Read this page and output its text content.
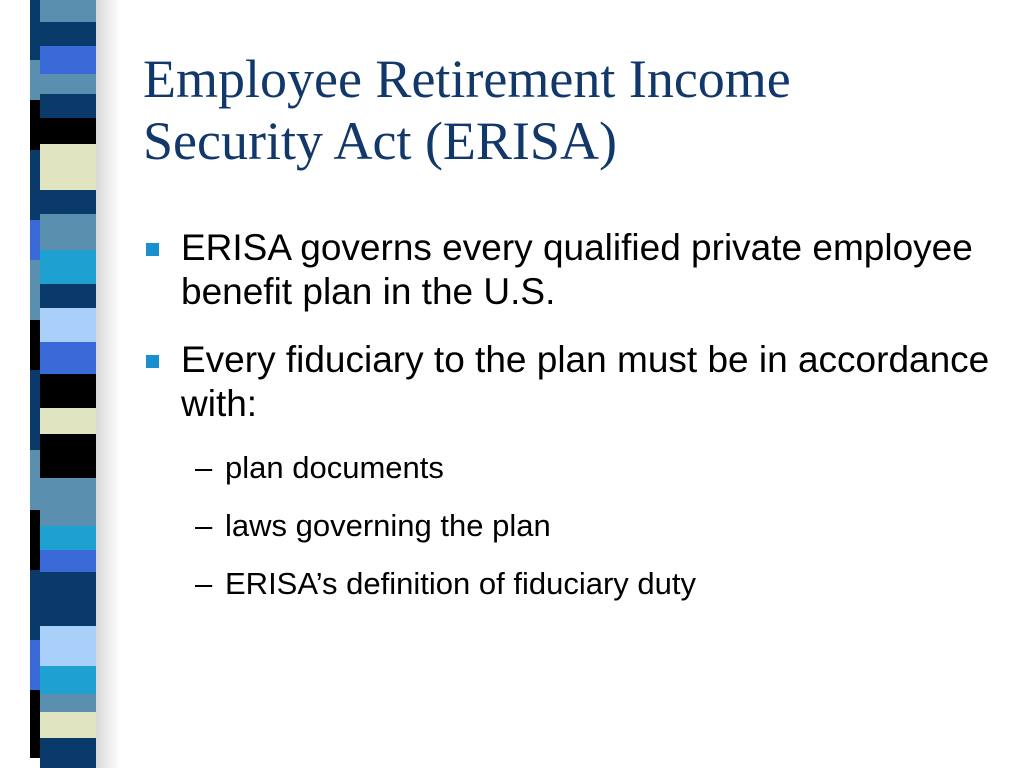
Employee Retirement Income
Security Act (ERISA)
ERISA governs every qualified private employee benefit plan in the U.S.
Every fiduciary to the plan must be in accordance with:
– plan documents
– laws governing the plan
– ERISA’s definition of fiduciary duty
